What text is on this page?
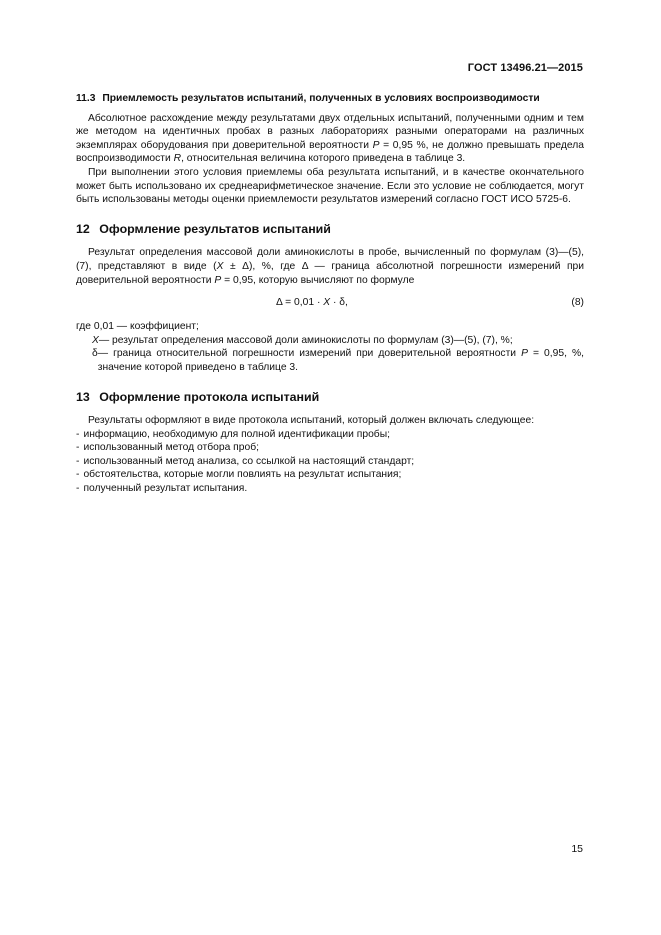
ГОСТ 13496.21—2015
11.3 Приемлемость результатов испытаний, полученных в условиях воспроизводимости

Абсолютное расхождение между результатами двух отдельных испытаний, полученными одним и тем же методом на идентичных пробах в разных лабораториях разными операторами на различных экземплярах оборудования при доверительной вероятности P = 0,95 %, не должно превышать предела воспроизводимости R, относительная величина которого приведена в таблице 3.

При выполнении этого условия приемлемы оба результата испытаний, и в качестве окончательного может быть использовано их среднеарифметическое значение. Если это условие не соблюдается, могут быть использованы методы оценки приемлемости результатов измерений согласно ГОСТ ИСО 5725-6.

12 Оформление результатов испытаний

Результат определения массовой доли аминокислоты в пробе, вычисленный по формулам (3)—(5), (7), представляют в виде (X ± Δ), %, где Δ — граница абсолютной погрешности измерений при доверительной вероятности P = 0,95, которую вычисляют по формуле

Δ = 0,01 · X · δ,	(8)
где 0,01 — коэффициент;
X — результат определения массовой доли аминокислоты по формулам (3)—(5), (7), %;
δ — граница относительной погрешности измерений при доверительной вероятности P = 0,95, %, значение которой приведено в таблице 3.
13 Оформление протокола испытаний

Результаты оформляют в виде протокола испытаний, который должен включать следующее:

- информацию, необходимую для полной идентификации пробы;
- использованный метод отбора проб;
- использованный метод анализа, со ссылкой на настоящий стандарт;
- обстоятельства, которые могли повлиять на результат испытания;
- полученный результат испытания.
15
